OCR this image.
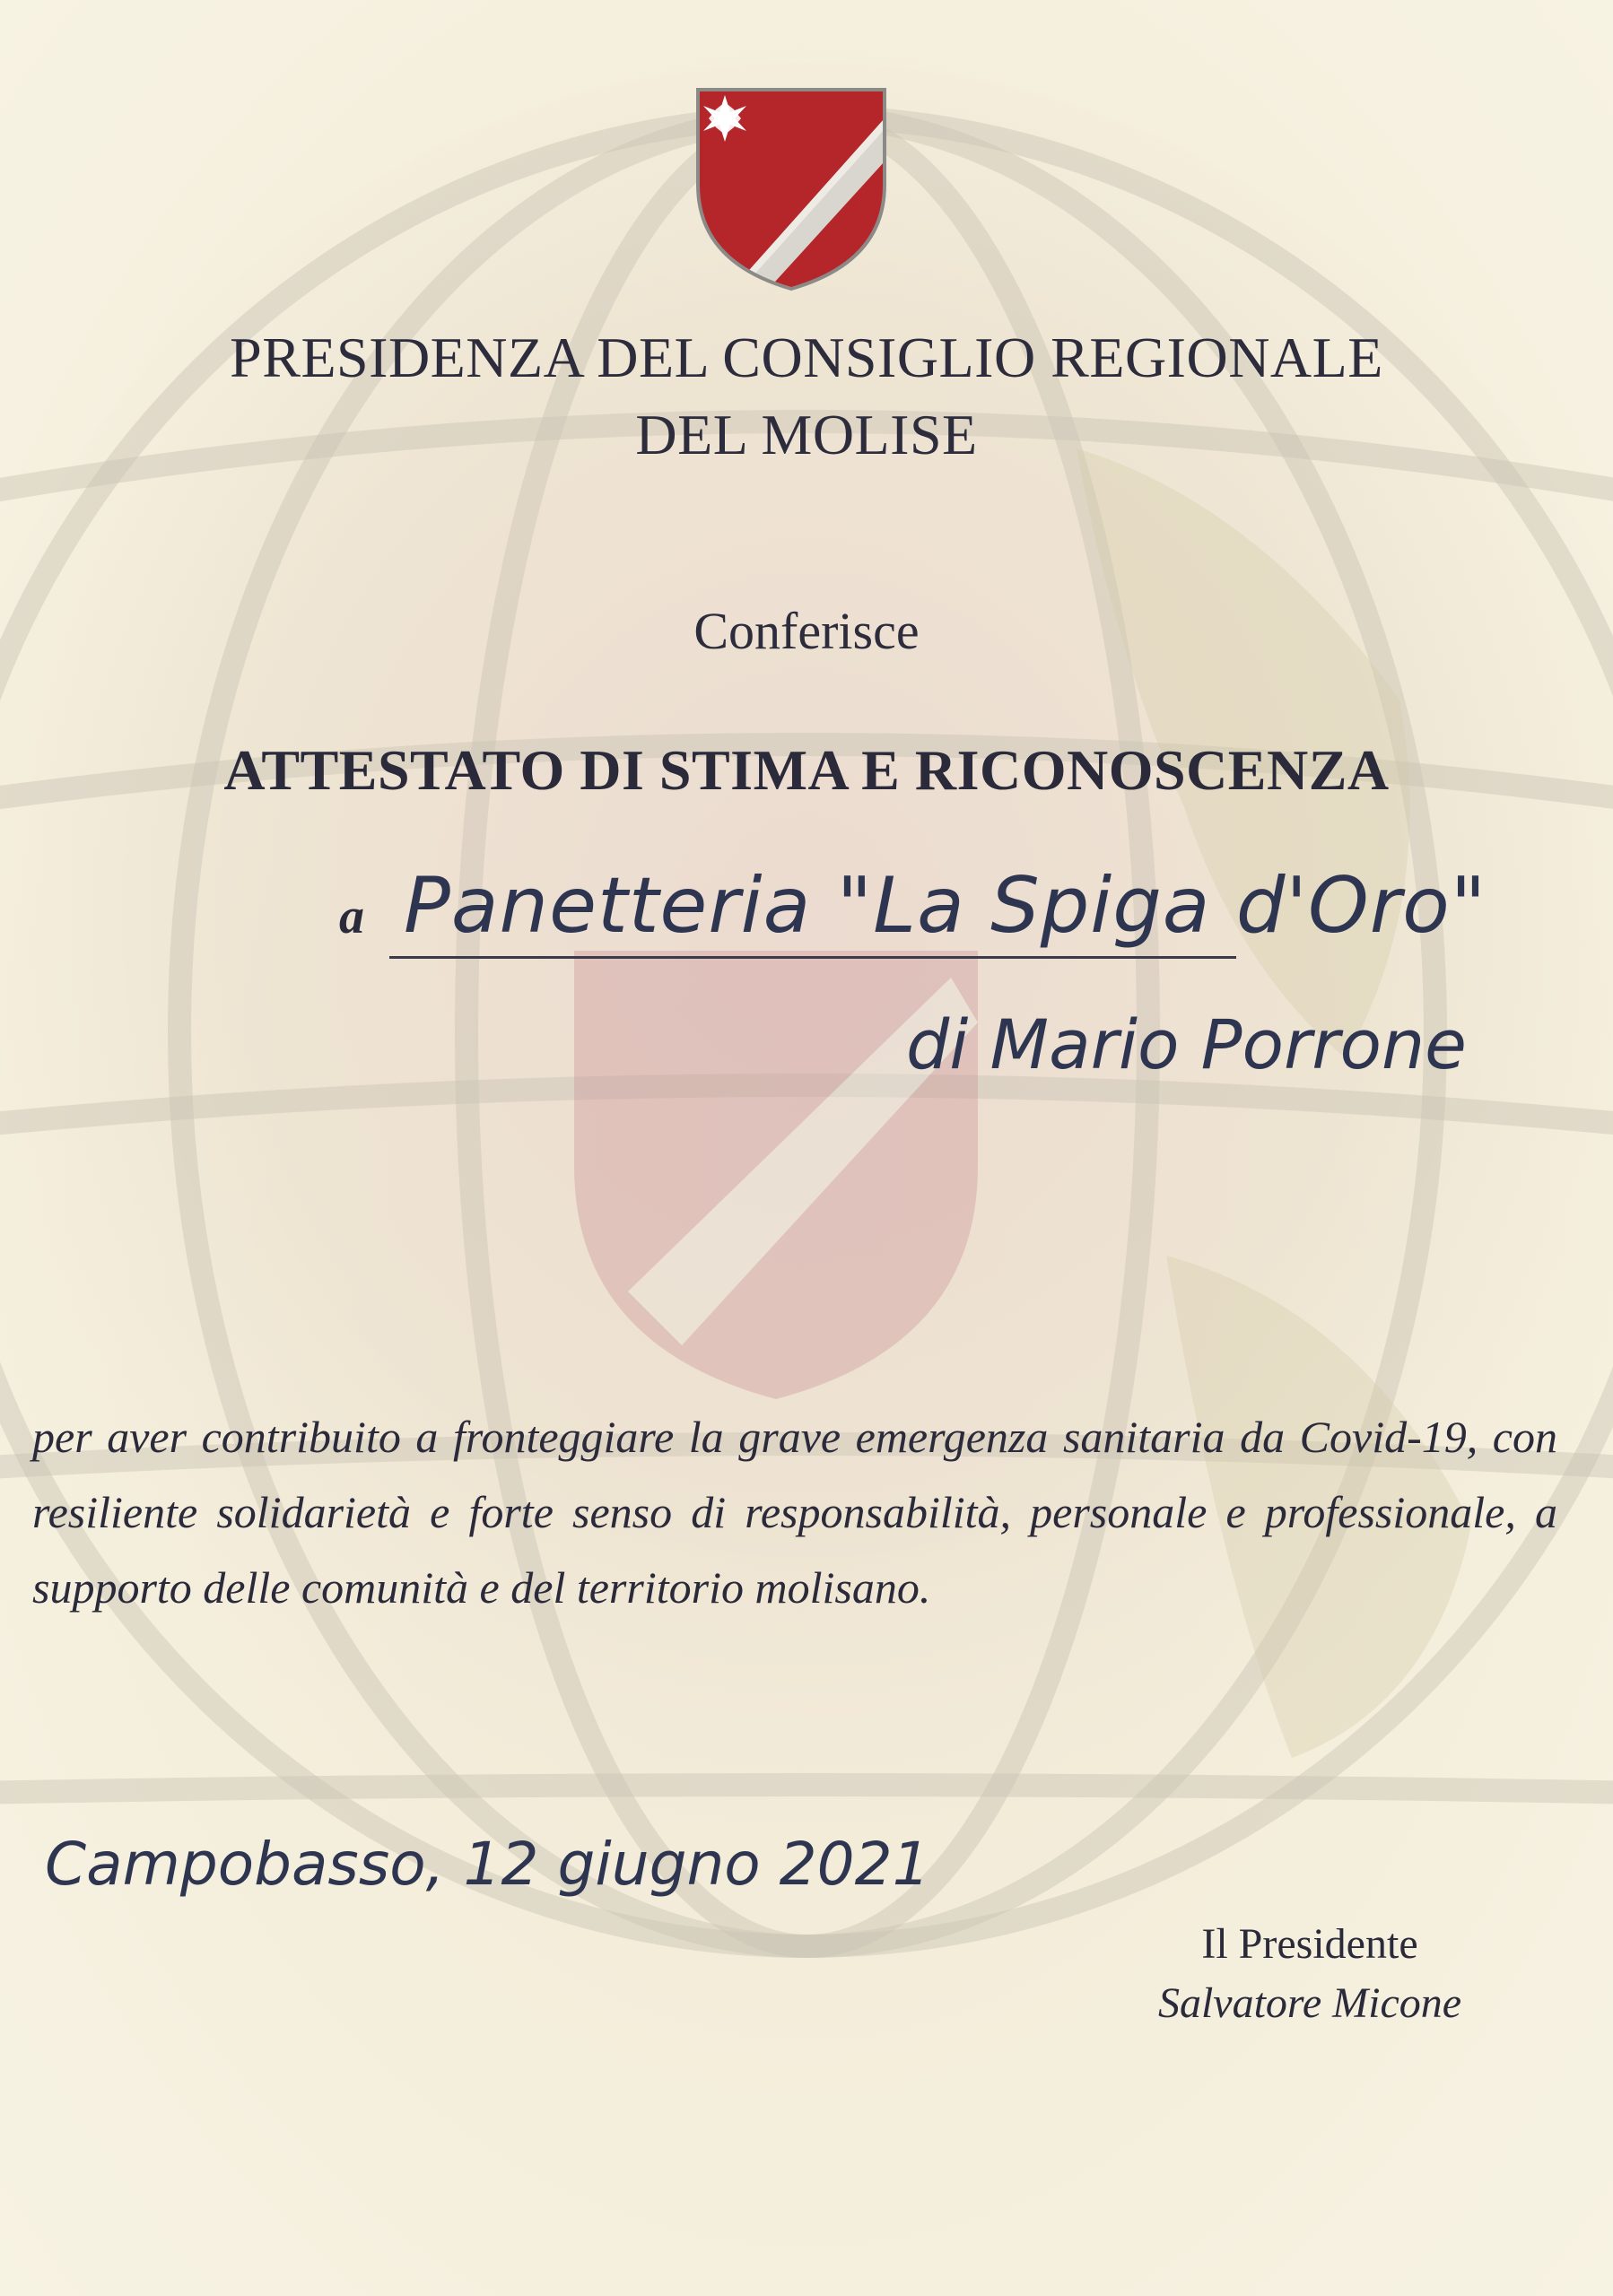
PRESIDENZA DEL CONSIGLIO REGIONALE
DEL MOLISE
Conferisce
ATTESTATO DI STIMA E RICONOSCENZA
a Panetteria "La Spiga d'Oro"
di Mario Porrone
per aver contribuito a fronteggiare la grave emergenza sanitaria da Covid-19, con resiliente solidarietà e forte senso di responsabilità, personale e professionale, a supporto delle comunità e del territorio molisano.
Campobasso, 12 giugno 2021
Il Presidente
Salvatore Micone
